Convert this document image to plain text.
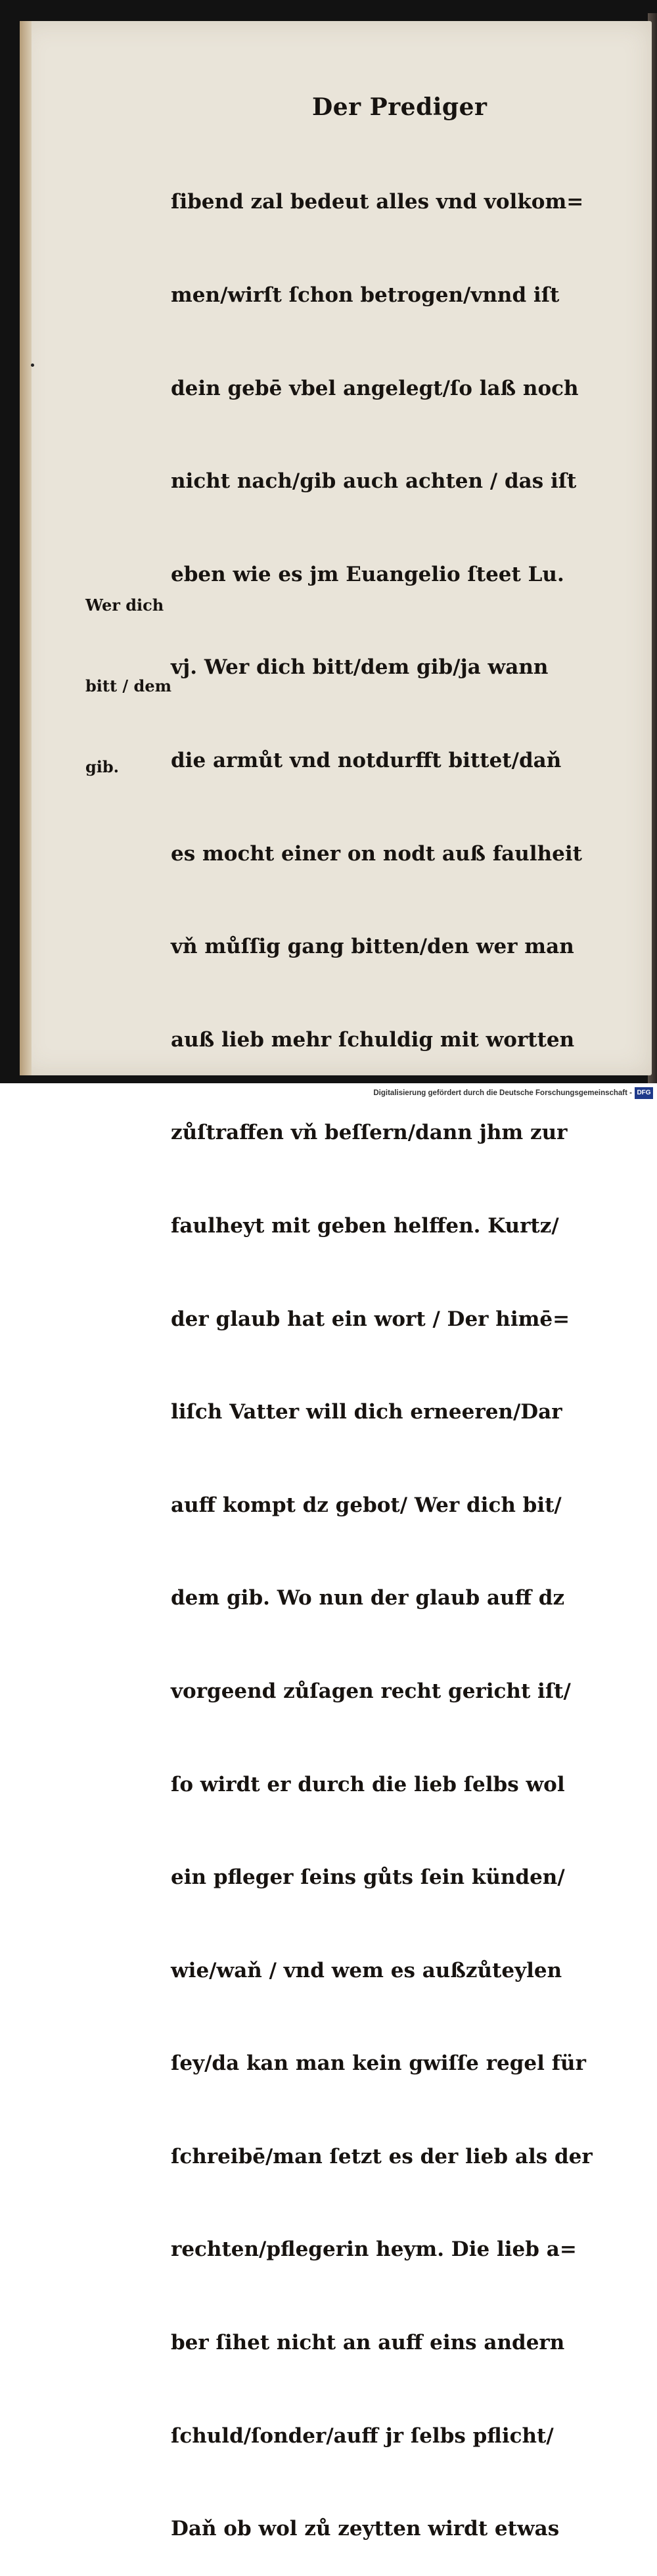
Der Prediger

ſibend zal bedeut alles vnd volkom=

men/wirſt ſchon betrogen/vnnd iſt

dein gebē vbel angelegt/ſo laß noch

nicht nach/gib auch achten / das iſt

eben wie es jm Euangelio ſteet Lu.

vj. Wer dich bitt/dem gib/ja wann

die armůt vnd notdurfft bittet/daň

es mocht einer on nodt auß faulheit

vň můſſig gang bitten/den wer man

auß lieb mehr ſchuldig mit wortten

zůſtraffen vň beſſern/dann jhm zur

faulheyt mit geben helffen. Kurtz/

der glaub hat ein wort / Der himē=

liſch Vatter will dich erneeren/Dar

auff kompt dz gebot/ Wer dich bit/

dem gib. Wo nun der glaub auff dz

vorgeend zůſagen recht gericht iſt/

ſo wirdt er durch die lieb ſelbs wol

ein pfleger ſeins gůts ſein künden/

wie/waň / vnd wem es außzůteylen

ſey/da kan man kein gwiſſe regel für

ſchreibē/man ſetzt es der lieb als der

rechten/pflegerin heym. Die lieb a=

ber ſihet nicht an auff eins andern

ſchuld/ſonder/auff jr ſelbs pflicht/

Daň ob wol zů zeytten wirdt etwas

Wer dich

bitt / dem

gib.

Digitalisierung gefördert durch die Deutsche Forschungsgemeinschaft - DFG
